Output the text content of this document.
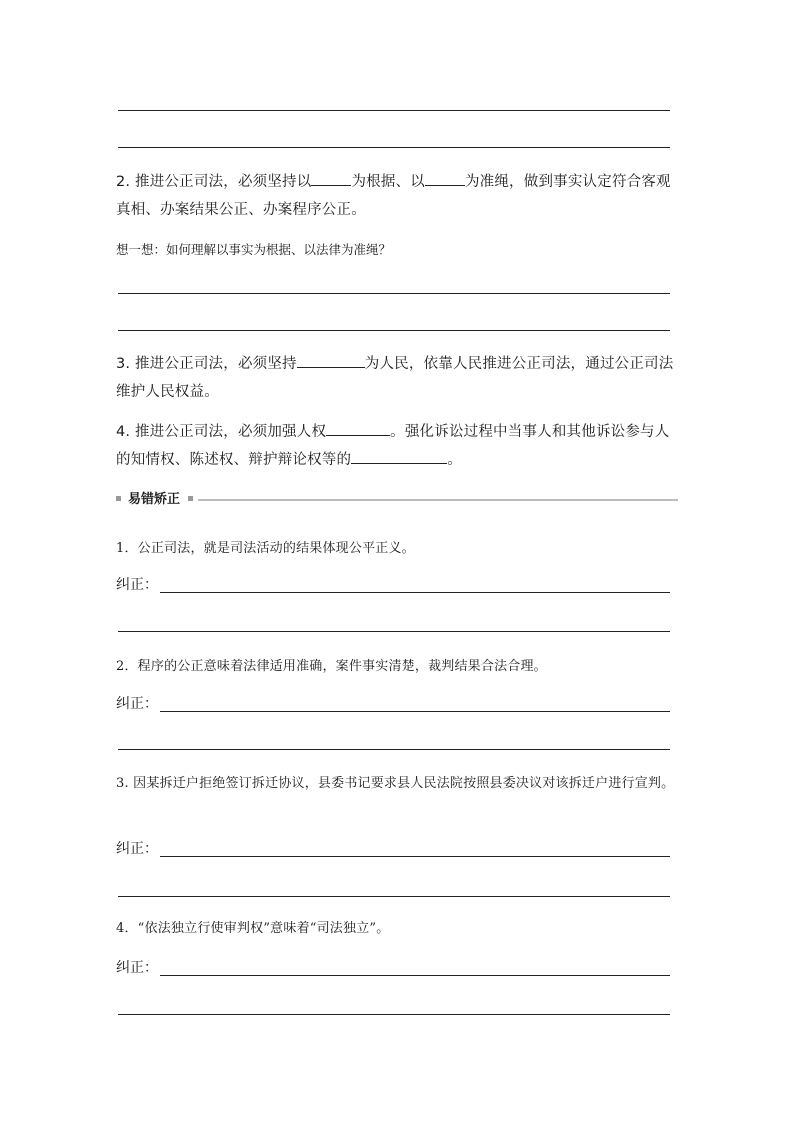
2. 推进公正司法，必须坚持以	为根据、以	为准绳，做到事实认定符合客观真相、办案结果公正、办案程序公正。
想一想：如何理解以事实为根据、以法律为准绳？
3. 推进公正司法，必须坚持	为人民，依靠人民推进公正司法，通过公正司法维护人民权益。
4. 推进公正司法，必须加强人权	。强化诉讼过程中当事人和其他诉讼参与人的知情权、陈述权、辩护辩论权等的	。
易错矫正
1．公正司法，就是司法活动的结果体现公平正义。
纠正：
2．程序的公正意味着法律适用准确，案件事实清楚，裁判结果合法合理。
纠正：
3. 因某拆迁户拒绝签订拆迁协议，县委书记要求县人民法院按照县委决议对该拆迁户进行宣判。
纠正：
4．“依法独立行使审判权”意味着“司法独立”。
纠正：
